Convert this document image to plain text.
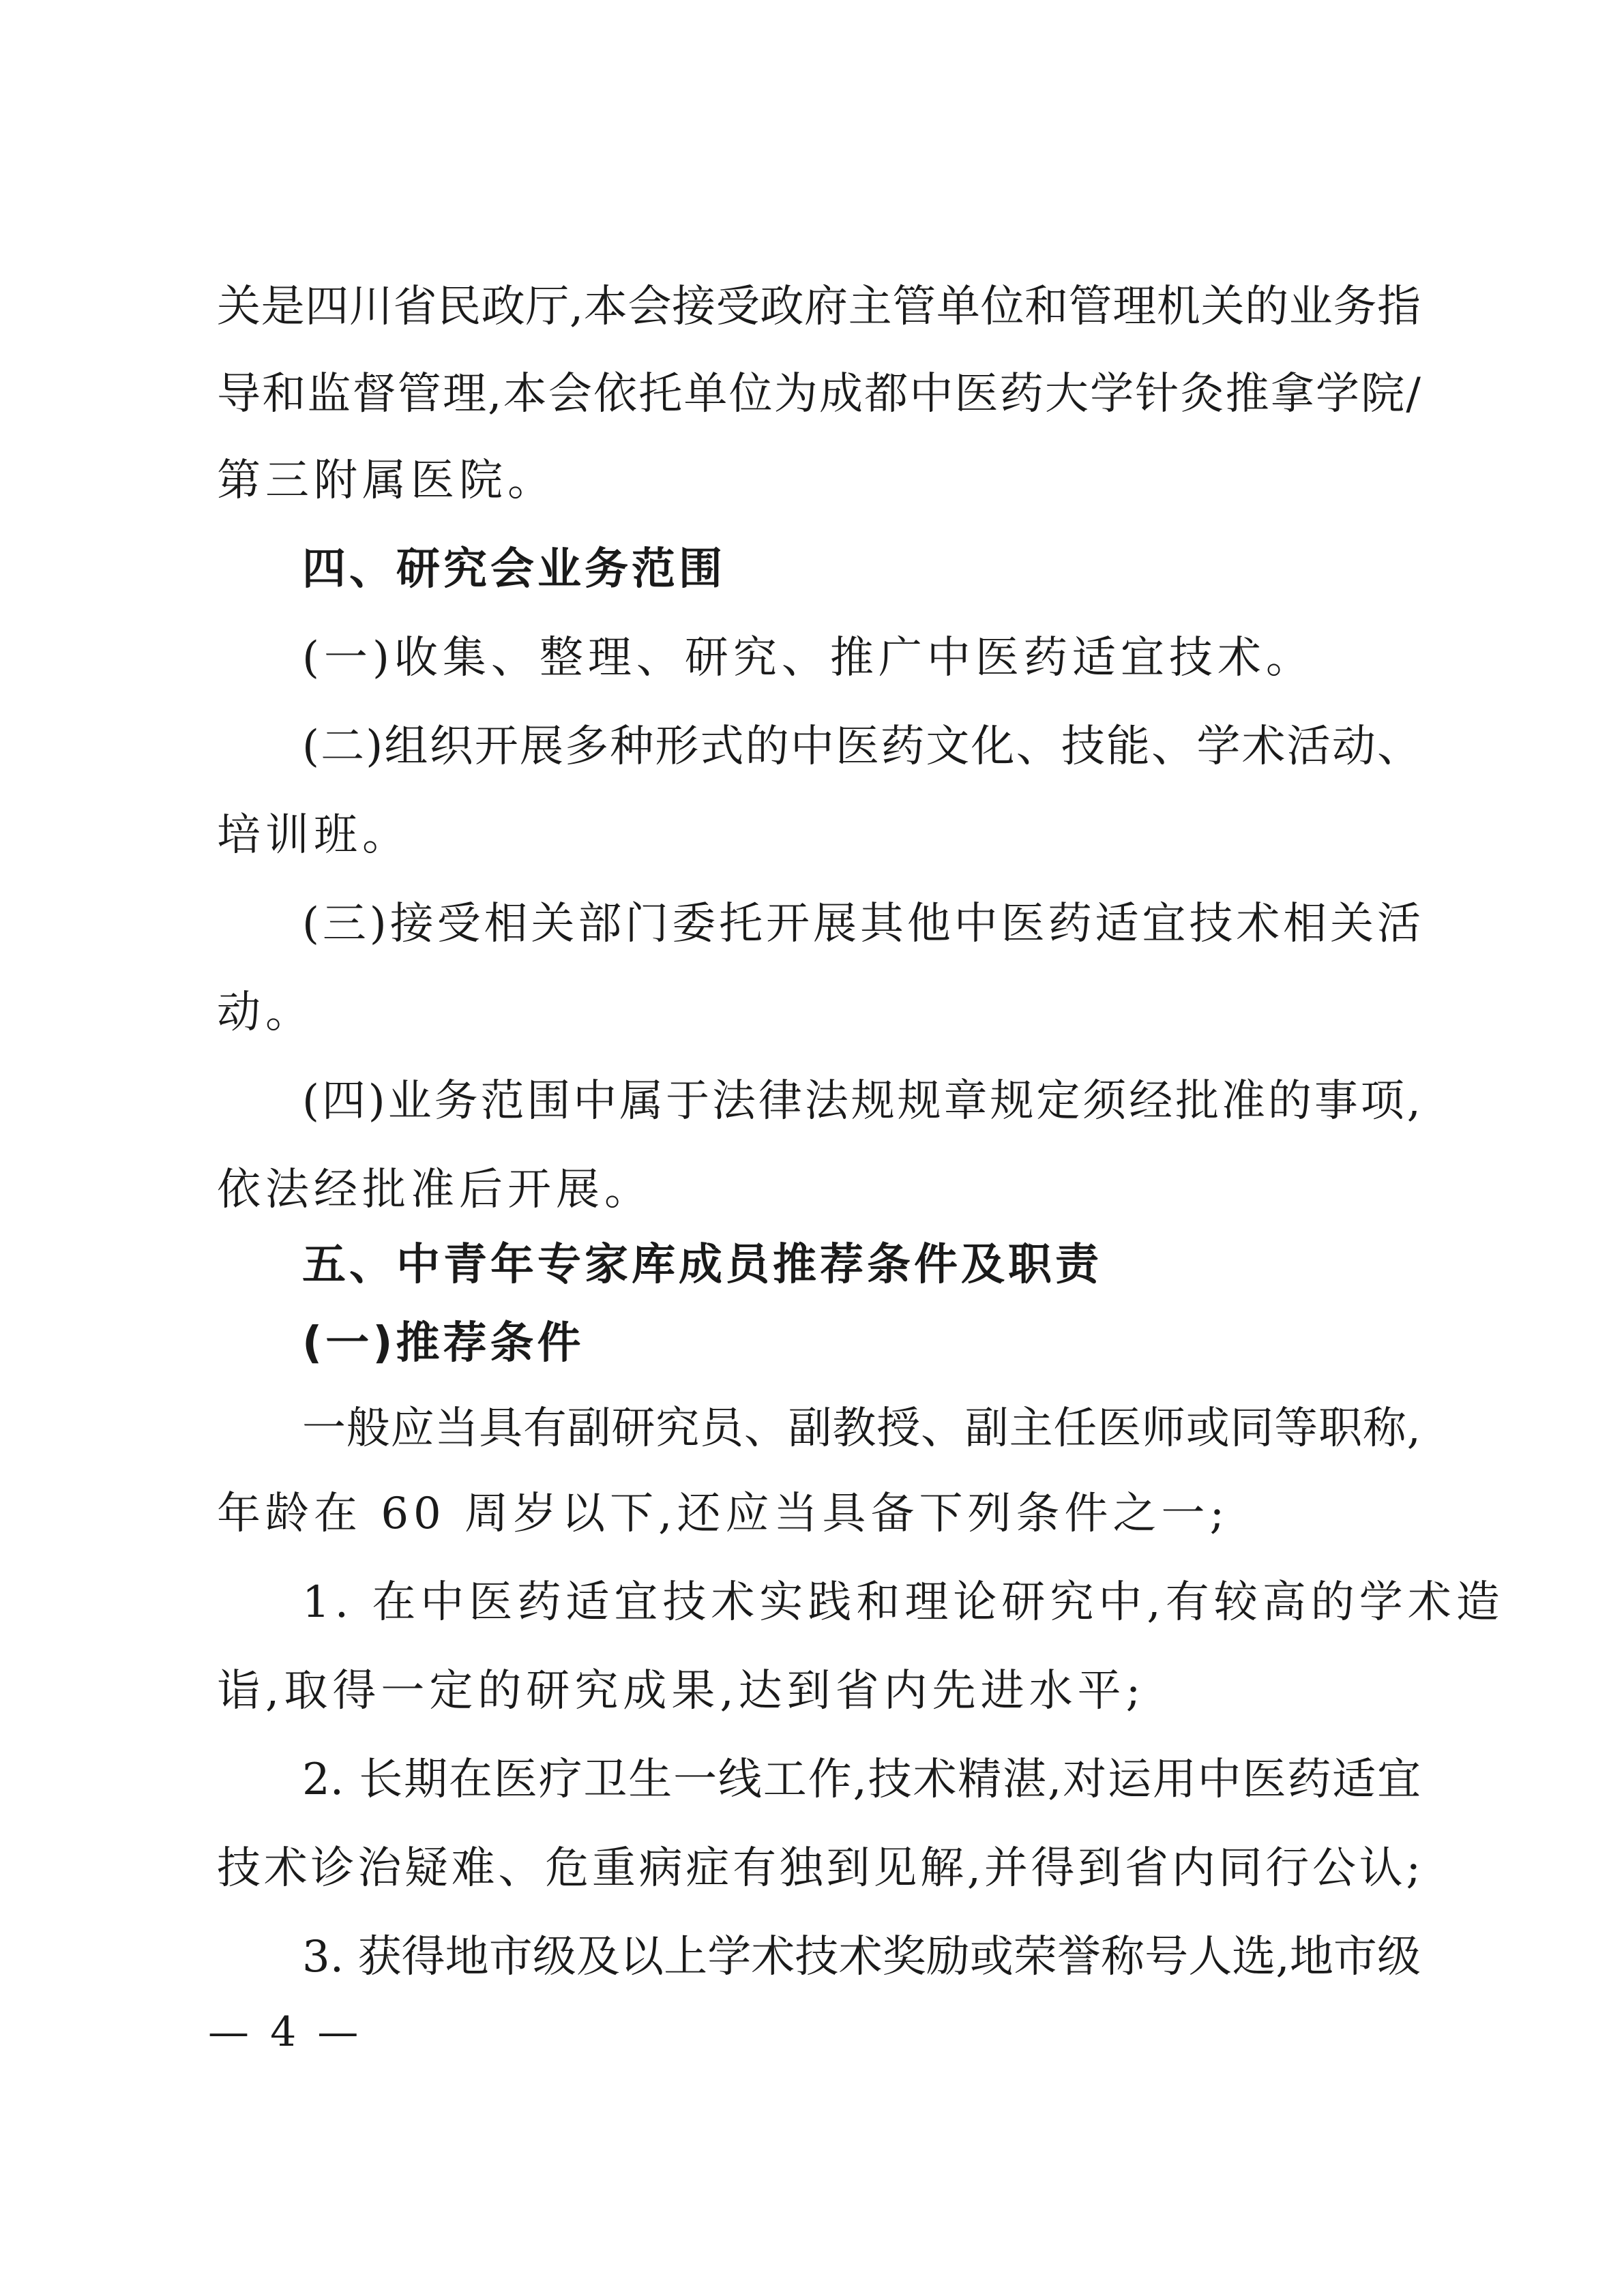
关是四川省民政厅,本会接受政府主管单位和管理机关的业务指
导和监督管理,本会依托单位为成都中医药大学针灸推拿学院/
第三附属医院。
四、研究会业务范围
(一)收集、整理、研究、推广中医药适宜技术。
(二)组织开展多种形式的中医药文化、技能、学术活动、
培训班。
(三)接受相关部门委托开展其他中医药适宜技术相关活
动。
(四)业务范围中属于法律法规规章规定须经批准的事项,
依法经批准后开展。
五、中青年专家库成员推荐条件及职责
(一)推荐条件
一般应当具有副研究员、副教授、副主任医师或同等职称,
年龄在 60 周岁以下,还应当具备下列条件之一;
1. 在中医药适宜技术实践和理论研究中,有较高的学术造
诣,取得一定的研究成果,达到省内先进水平;
2. 长期在医疗卫生一线工作,技术精湛,对运用中医药适宜
技术诊治疑难、危重病症有独到见解,并得到省内同行公认;
3. 获得地市级及以上学术技术奖励或荣誉称号人选,地市级
— 4 —
